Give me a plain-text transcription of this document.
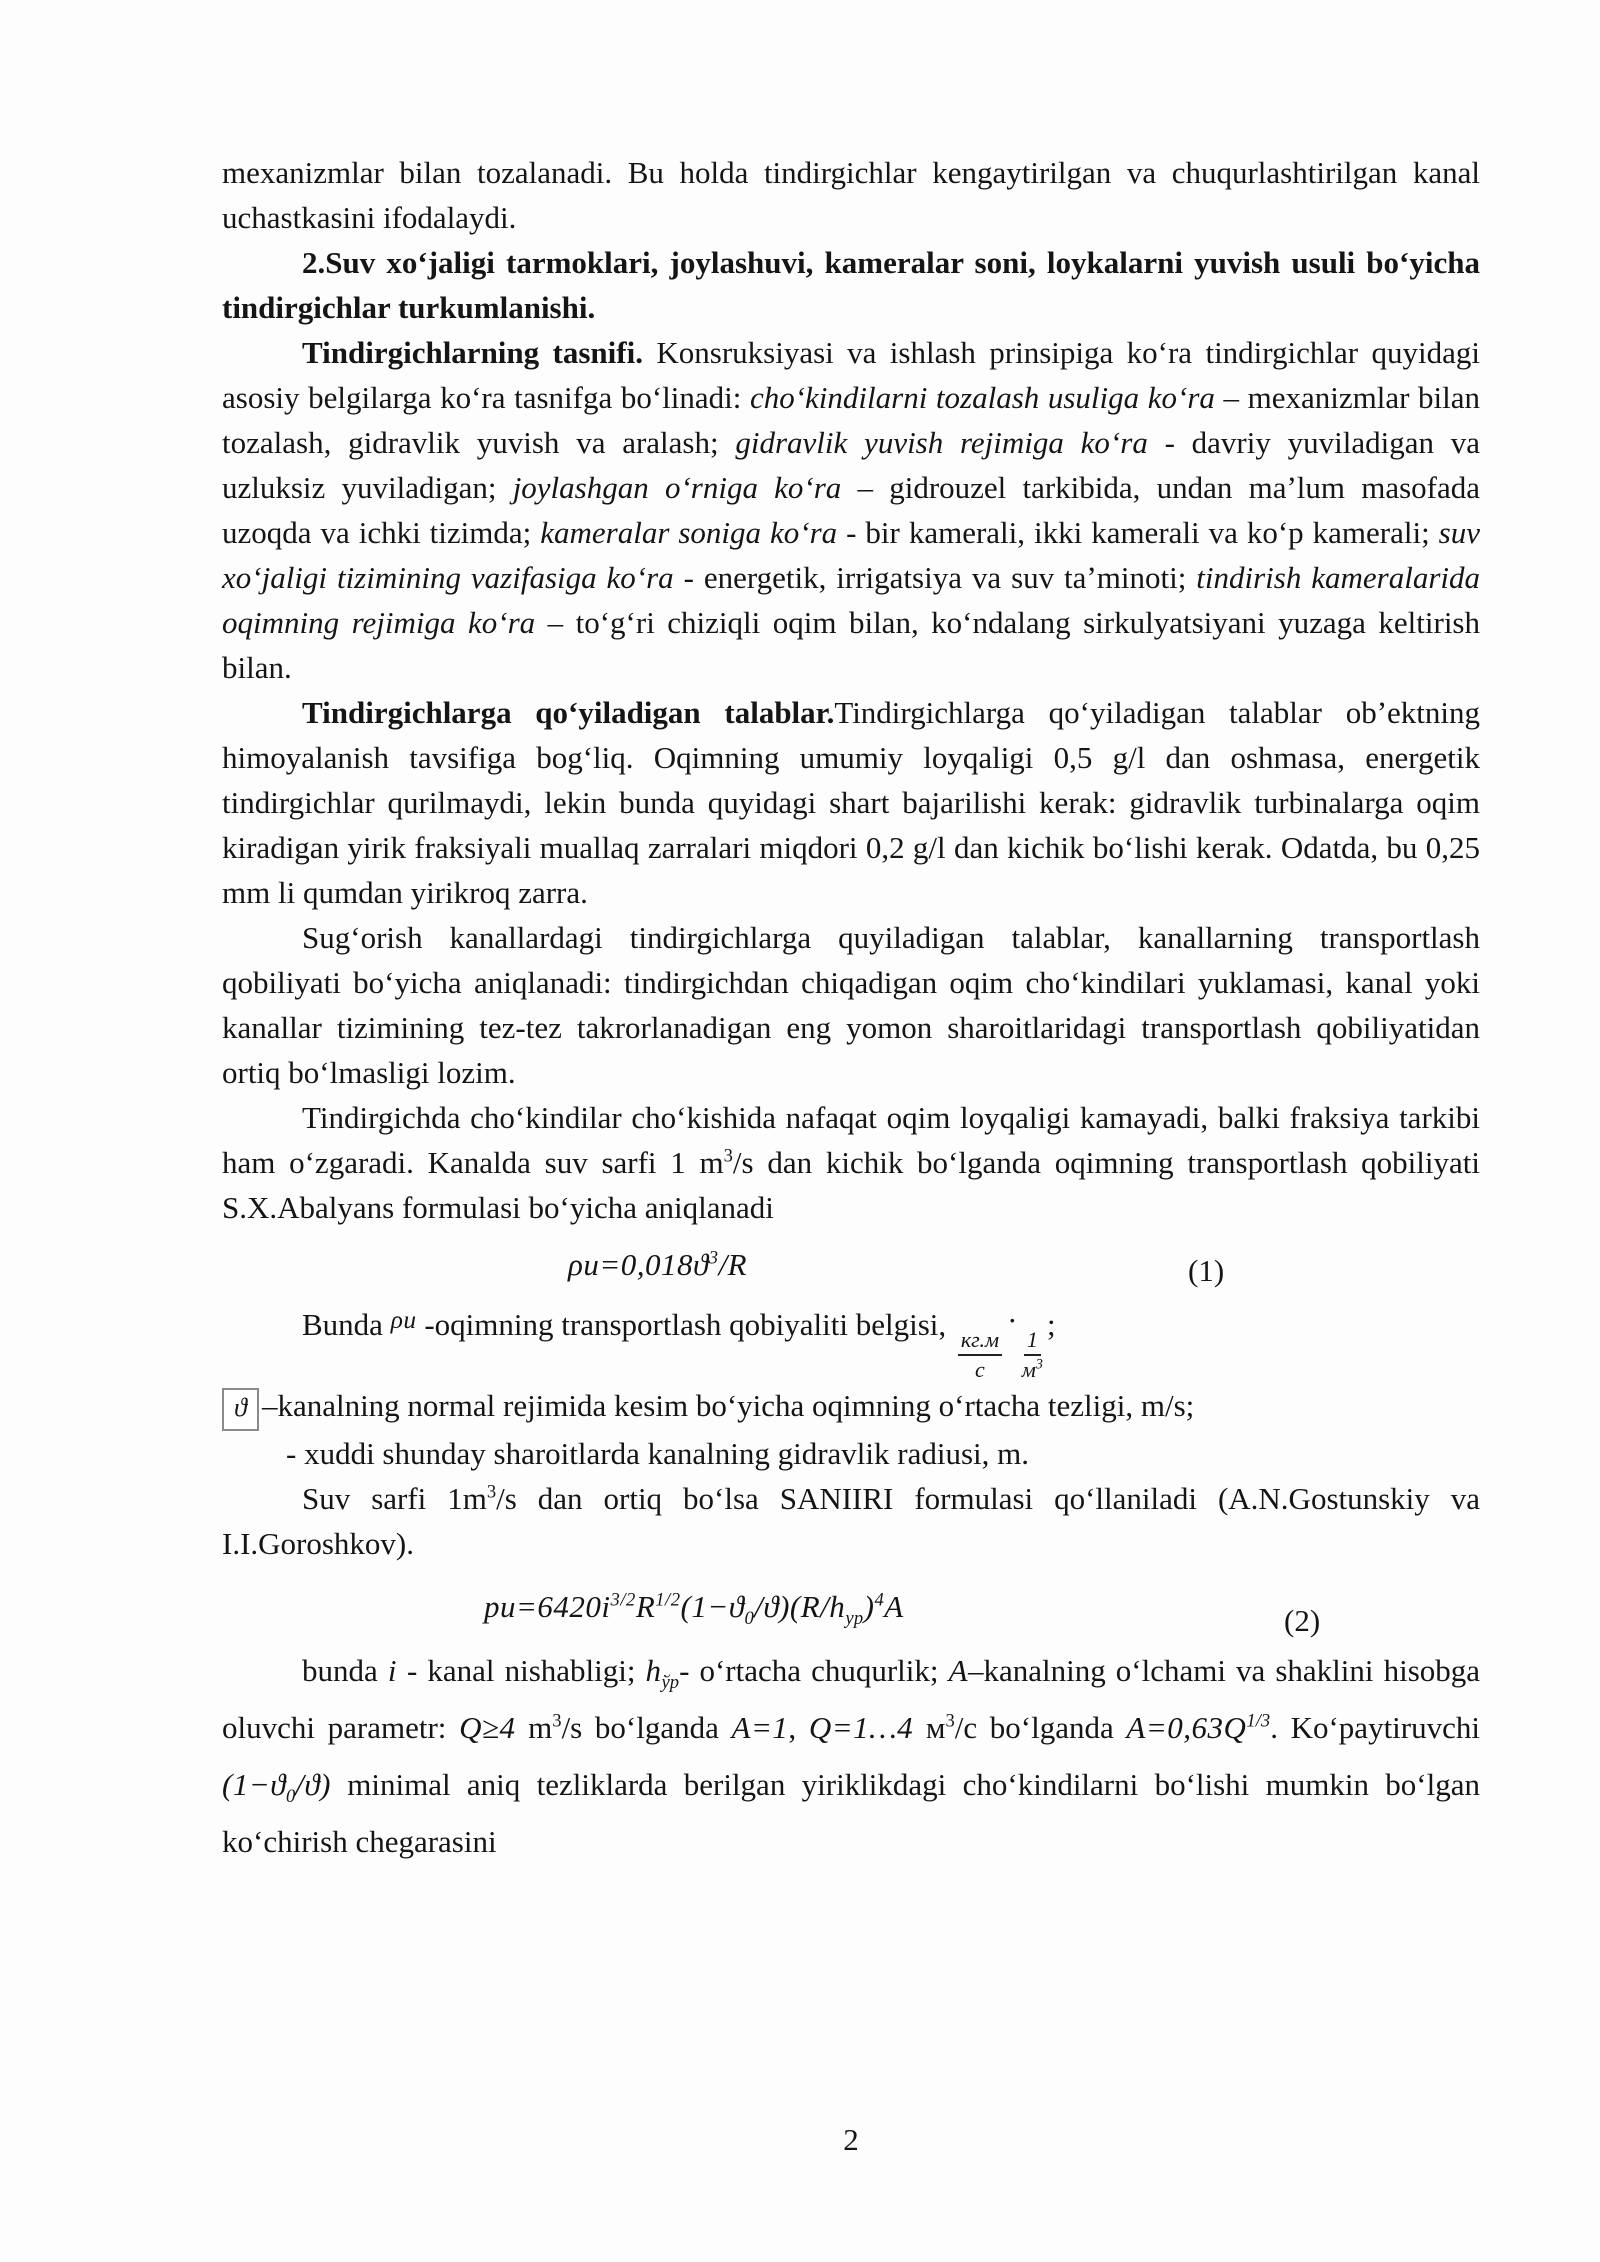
mexanizmlar bilan tozalanadi. Bu holda tindirgichlar kengaytirilgan va chuqurlashtirilgan kanal uchastkasini ifodalaydi.

2.Suv xoʻjaligi tarmoklari, joylashuvi, kameralar soni, loykalarni yuvish usuli boʻyicha tindirgichlar turkumlanishi.

Tindirgichlarning tasnifi. Konsruksiyasi va ishlash prinsipiga koʻra tindirgichlar quyidagi asosiy belgilarga koʻra tasnifga boʻlinadi: choʻkindilarni tozalash usuliga koʻra – mexanizmlar bilan tozalash, gidravlik yuvish va aralash; gidravlik yuvish rejimiga koʻra - davriy yuviladigan va uzluksiz yuviladigan; joylashgan oʻrniga koʻra – gidrouzel tarkibida, undan maʼlum masofada uzoqda va ichki tizimda; kameralar soniga koʻra - bir kamerali, ikki kamerali va koʻp kamerali; suv xoʻjaligi tizimining vazifasiga koʻra - energetik, irrigatsiya va suv taʼminoti; tindirish kameralarida oqimning rejimiga koʻra – toʻgʻri chiziqli oqim bilan, koʻndalang sirkulyatsiyani yuzaga keltirish bilan.

Tindirgichlarga qoʻyiladigan talablar.Tindirgichlarga qoʻyiladigan talablar obʼektning himoyalanish tavsifiga bogʻliq. Oqimning umumiy loyqaligi 0,5 g/l dan oshmasa, energetik tindirgichlar qurilmaydi, lekin bunda quyidagi shart bajarilishi kerak: gidravlik turbinalarga oqim kiradigan yirik fraksiyali muallaq zarralari miqdori 0,2 g/l dan kichik boʻlishi kerak. Odatda, bu 0,25 mm li qumdan yirikroq zarra.

Sugʻorish kanallardagi tindirgichlarga quyiladigan talablar, kanallarning transportlash qobiliyati boʻyicha aniqlanadi: tindirgichdan chiqadigan oqim choʻkindilari yuklamasi, kanal yoki kanallar tizimining tez-tez takrorlanadigan eng yomon sharoitlaridagi transportlash qobiliyatidan ortiq boʻlmasligi lozim.

Tindirgichda choʻkindilar choʻkishida nafaqat oqim loyqaligi kamayadi, balki fraksiya tarkibi ham oʻzgaradi. Kanalda suv sarfi 1 $m^3/s$ dan kichik boʻlganda oqimning transportlash qobiliyati S.X.Abalyans formulasi boʻyicha aniqlanadi

$\rho u=0,018ϑ^3/R$	(1)

Bunda $^{\rho u}$ -oqimning transportlash qobiyaliti belgisi,
$\frac{кг.м}{с}$
·
$\frac{1}{м^3}$
;

ϑ –kanalning normal rejimida kesim boʻyicha oqimning oʻrtacha tezligi, m/s;

- xuddi shunday sharoitlarda kanalning gidravlik radiusi, m.

Suv sarfi $1m^3/s$ dan ortiq boʻlsa SANIIRI formulasi qoʻllaniladi (A.N.Gostunskiy va I.I.Goroshkov).

$pu=6420i^{3/2}R^{1/2}(1-ϑ_0/ϑ)(R/h_{ур})^4A$	(2)

bunda i - kanal nishabligi; $h_{ўр}-$ oʻrtacha chuqurlik; A–kanalning oʻlchami va shaklini hisobga oluvchi parametr: Q≥4 $m^3/s$ boʻlganda A=1, Q=1…4 $м^3/c$ boʻlganda $A=0,63Q^{1/3}$. Koʻpaytiruvchi $(1-ϑ_0/ϑ)$ minimal aniq tezliklarda berilgan yiriklikdagi choʻkindilarni boʻlishi mumkin boʻlgan koʻchirish chegarasini

2
